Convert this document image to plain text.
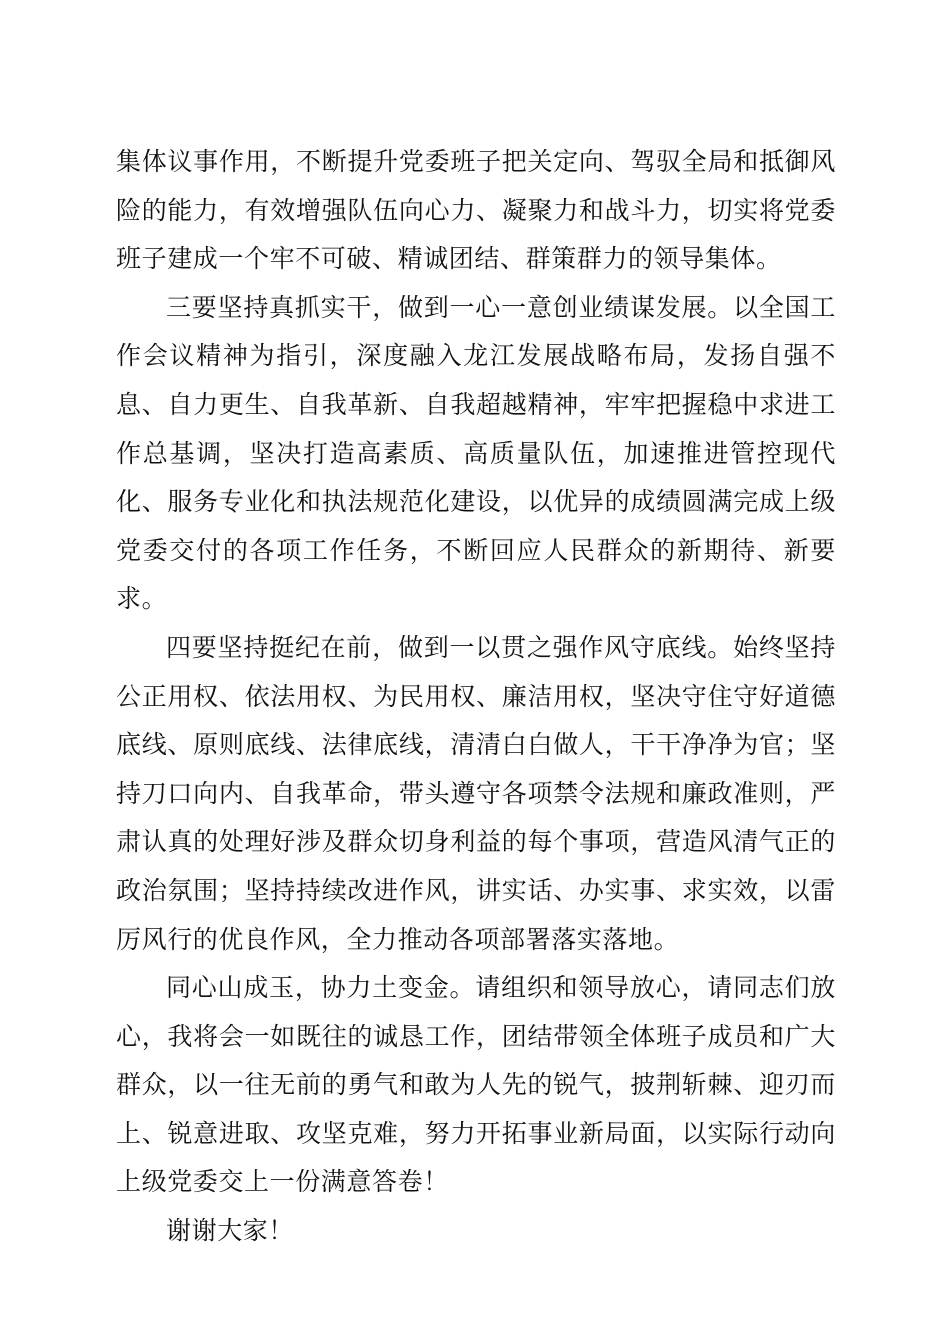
集体议事作用，不断提升党委班子把关定向、驾驭全局和抵御风险的能力，有效增强队伍向心力、凝聚力和战斗力，切实将党委班子建成一个牢不可破、精诚团结、群策群力的领导集体。

三要坚持真抓实干，做到一心一意创业绩谋发展。以全国工作会议精神为指引，深度融入龙江发展战略布局，发扬自强不息、自力更生、自我革新、自我超越精神，牢牢把握稳中求进工作总基调，坚决打造高素质、高质量队伍，加速推进管控现代化、服务专业化和执法规范化建设，以优异的成绩圆满完成上级党委交付的各项工作任务，不断回应人民群众的新期待、新要求。

四要坚持挺纪在前，做到一以贯之强作风守底线。始终坚持公正用权、依法用权、为民用权、廉洁用权，坚决守住守好道德底线、原则底线、法律底线，清清白白做人，干干净净为官；坚持刀口向内、自我革命，带头遵守各项禁令法规和廉政准则，严肃认真的处理好涉及群众切身利益的每个事项，营造风清气正的政治氛围；坚持持续改进作风，讲实话、办实事、求实效，以雷厉风行的优良作风，全力推动各项部署落实落地。

同心山成玉，协力土变金。请组织和领导放心，请同志们放心，我将会一如既往的诚恳工作，团结带领全体班子成员和广大群众，以一往无前的勇气和敢为人先的锐气，披荆斩棘、迎刃而上、锐意进取、攻坚克难，努力开拓事业新局面，以实际行动向上级党委交上一份满意答卷！

谢谢大家！
